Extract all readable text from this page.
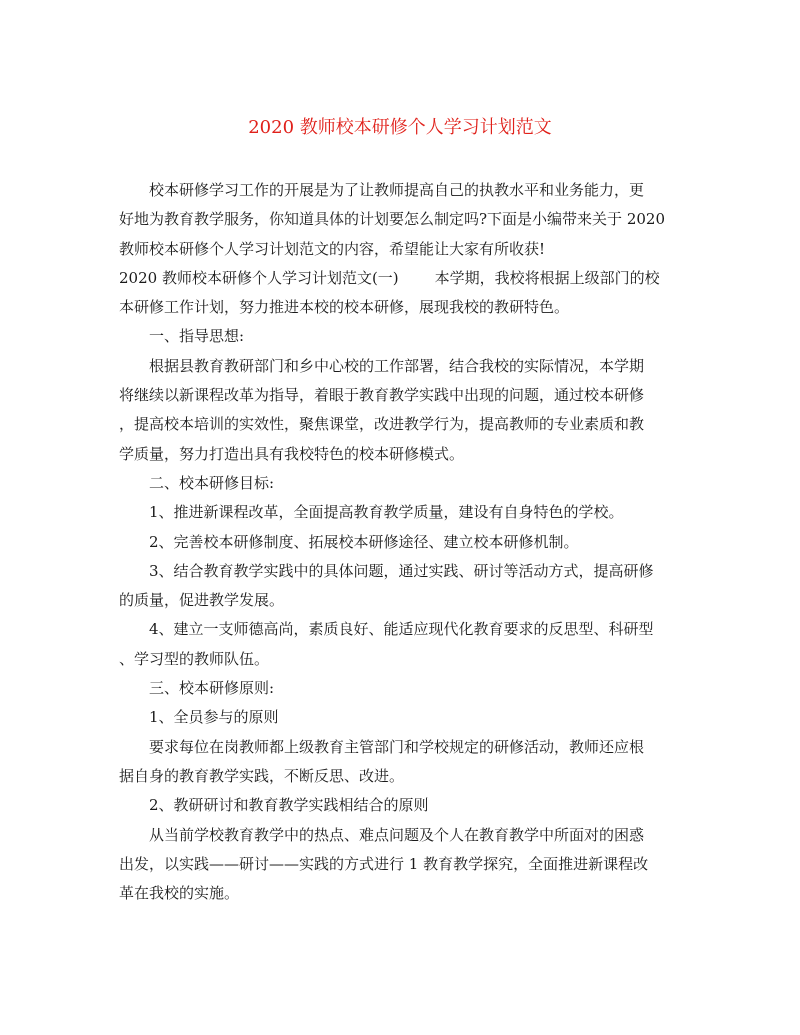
2020 教师校本研修个人学习计划范文
校本研修学习工作的开展是为了让教师提高自己的执教水平和业务能力，更
好地为教育教学服务，你知道具体的计划要怎么制定吗?下面是小编带来关于 2020
教师校本研修个人学习计划范文的内容，希望能让大家有所收获!
2020 教师校本研修个人学习计划范文(一) 本学期，我校将根据上级部门的校
本研修工作计划，努力推进本校的校本研修，展现我校的教研特色。
一、指导思想:
根据县教育教研部门和乡中心校的工作部署，结合我校的实际情况，本学期
将继续以新课程改革为指导，着眼于教育教学实践中出现的问题，通过校本研修
，提高校本培训的实效性，聚焦课堂，改进教学行为，提高教师的专业素质和教
学质量，努力打造出具有我校特色的校本研修模式。
二、校本研修目标:
1、推进新课程改革，全面提高教育教学质量，建设有自身特色的学校。
2、完善校本研修制度、拓展校本研修途径、建立校本研修机制。
3、结合教育教学实践中的具体问题，通过实践、研讨等活动方式，提高研修
的质量，促进教学发展。
4、建立一支师德高尚，素质良好、能适应现代化教育要求的反思型、科研型
、学习型的教师队伍。
三、校本研修原则:
1、全员参与的原则
要求每位在岗教师都上级教育主管部门和学校规定的研修活动，教师还应根
据自身的教育教学实践，不断反思、改进。
2、教研研讨和教育教学实践相结合的原则
从当前学校教育教学中的热点、难点问题及个人在教育教学中所面对的困惑
出发，以实践——研讨——实践的方式进行 1 教育教学探究，全面推进新课程改
革在我校的实施。
